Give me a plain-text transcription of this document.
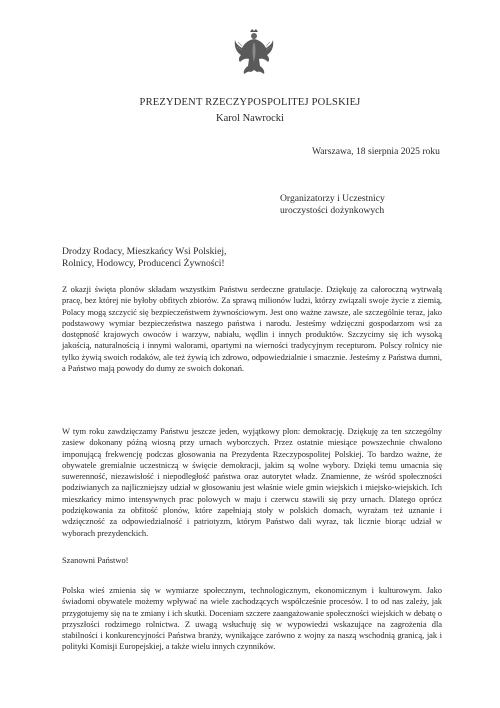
PREZYDENT RZECZYPOSPOLITEJ POLSKIEJ
Karol Nawrocki
Warszawa, 18 sierpnia 2025 roku
Organizatorzy i Uczestnicy
uroczystości dożynkowych
Drodzy Rodacy, Mieszkańcy Wsi Polskiej,
Rolnicy, Hodowcy, Producenci Żywności!
Z okazji święta plonów składam wszystkim Państwu serdeczne gratulacje. Dziękuję za całoroczną wytrwałą pracę, bez której nie byłoby obfitych zbiorów. Za sprawą milionów ludzi, którzy związali swoje życie z ziemią, Polacy mogą szczycić się bezpieczeństwem żywnościowym. Jest ono ważne zawsze, ale szczególnie teraz, jako podstawowy wymiar bezpieczeństwa naszego państwa i narodu. Jesteśmy wdzięczni gospodarzom wsi za dostępność krajowych owoców i warzyw, nabiału, wędlin i innych produktów. Szczycimy się ich wysoką jakością, naturalnością i innymi walorami, opartymi na wierności tradycyjnym recepturom. Polscy rolnicy nie tylko żywią swoich rodaków, ale też żywią ich zdrowo, odpowiedzialnie i smacznie. Jesteśmy z Państwa dumni, a Państwo mają powody do dumy ze swoich dokonań.
W tym roku zawdzięczamy Państwu jeszcze jeden, wyjątkowy plon: demokrację. Dziękuję za ten szczególny zasiew dokonany późną wiosną przy urnach wyborczych. Przez ostatnie miesiące powszechnie chwalono imponującą frekwencję podczas głosowania na Prezydenta Rzeczypospolitej Polskiej. To bardzo ważne, że obywatele gremialnie uczestniczą w święcie demokracji, jakim są wolne wybory. Dzięki temu umacnia się suwerenność, niezawisłość i niepodległość państwa oraz autorytet władz. Znamienne, że wśród społeczności podziwianych za najliczniejszy udział w głosowaniu jest właśnie wiele gmin wiejskich i miejsko-wiejskich. Ich mieszkańcy mimo intensywnych prac polowych w maju i czerwcu stawili się przy urnach. Dlatego oprócz podziękowania za obfitość plonów, które zapełniają stoły w polskich domach, wyrażam też uznanie i wdzięczność za odpowiedzialność i patriotyzm, którym Państwo dali wyraz, tak licznie biorąc udział w wyborach prezydenckich.
Szanowni Państwo!
Polska wieś zmienia się w wymiarze społecznym, technologicznym, ekonomicznym i kulturowym. Jako świadomi obywatele możemy wpływać na wiele zachodzących współcześnie procesów. I to od nas zależy, jak przygotujemy się na te zmiany i ich skutki. Doceniam szczere zaangażowanie społeczności wiejskich w debatę o przyszłości rodzimego rolnictwa. Z uwagą wsłuchuję się w wypowiedzi wskazujące na zagrożenia dla stabilności i konkurencyjności Państwa branży, wynikające zarówno z wojny za naszą wschodnią granicą, jak i polityki Komisji Europejskiej, a także wielu innych czynników.
